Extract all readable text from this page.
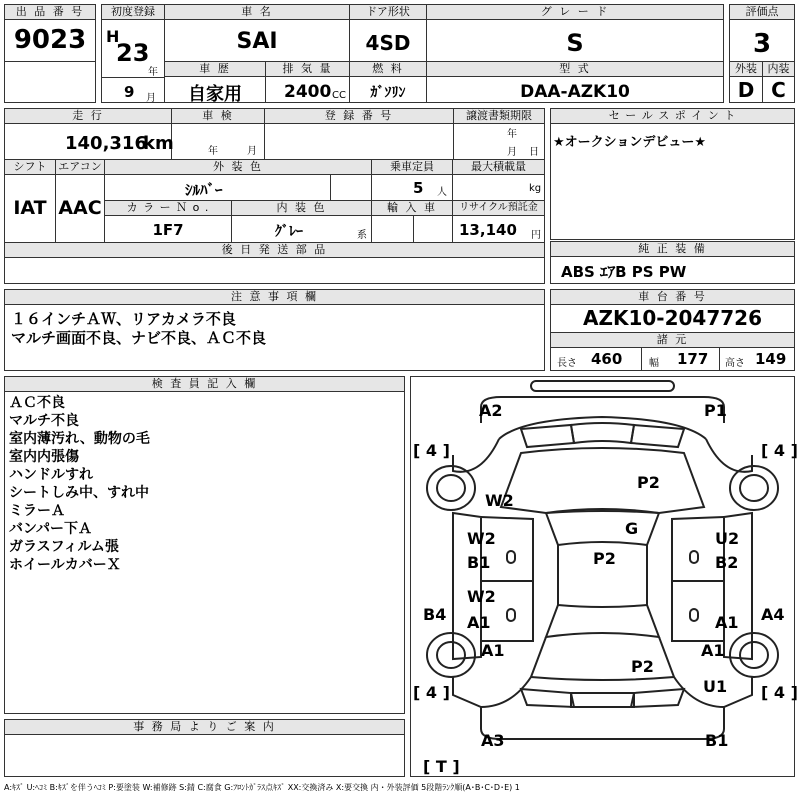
出 品 番 号
9023
初度登録
H
23
年
9 月
車 名
SAI
ドア形状
4SD
グ レ ー ド
S
評価点
3
車 歴
自家用
排 気 量
2400 CC
燃 料
ｶﾞｿﾘﾝ
型 式
DAA-AZK10
外装
D
内装
C
走 行
140,316
km
車 検
年	月
登 録 番 号	譲渡書類期限
年
月 日
シフト	エアコン	外 装 色	乗車定員	最大積載量
IAT AAC
ｼﾙﾊﾞｰ	5 人	kg
カ ラ ー Ｎ o .	内 装 色	輸 入 車	リサイクル預託金
1F7	ｸﾞﾚｰ	系	13,140 円
後 日 発 送 部 品
セ ー ル ス ポ イ ン ト
★オークションデビュー★
純 正 装 備
ABS ｴｱB PS PW
注 意 事 項 欄
１６インチＡＷ、リアカメラ不良
マルチ画面不良、ナビ不良、ＡＣ不良
車 台 番 号
AZK10-2047726
諸 元
長さ 460	幅 177 高さ 149
検 査 員 記 入 欄
ＡＣ不良
マルチ不良
室内薄汚れ、動物の毛
室内内張傷
ハンドルすれ
シートしみ中、すれ中
ミラーＡ
バンパー下Ａ
ガラスフィルム張
ホイールカバーＸ
事 務 局 よ り ご 案 内
A2	P1
[ 4 ]	[ 4 ]
P2
W2
G
W2
B1
U2
B2
P2
W2
A1	A1
B4	A4
A1	A1
P2
U1
[ 4 ]	[ 4 ]
A3	B1
[ T ]
A:ｷｽﾞ U:ﾍｺﾐ B:ｷｽﾞを伴うﾍｺﾐ P:要塗装 W:補修跡 S:錆 C:腐食 G:ﾌﾛﾝﾄｶﾞﾗｽ点ｷｽﾞ XX:交換済み X:要交換 内・外装評価 5段階ﾗﾝｸ順(A･B･C･D･E) 1
